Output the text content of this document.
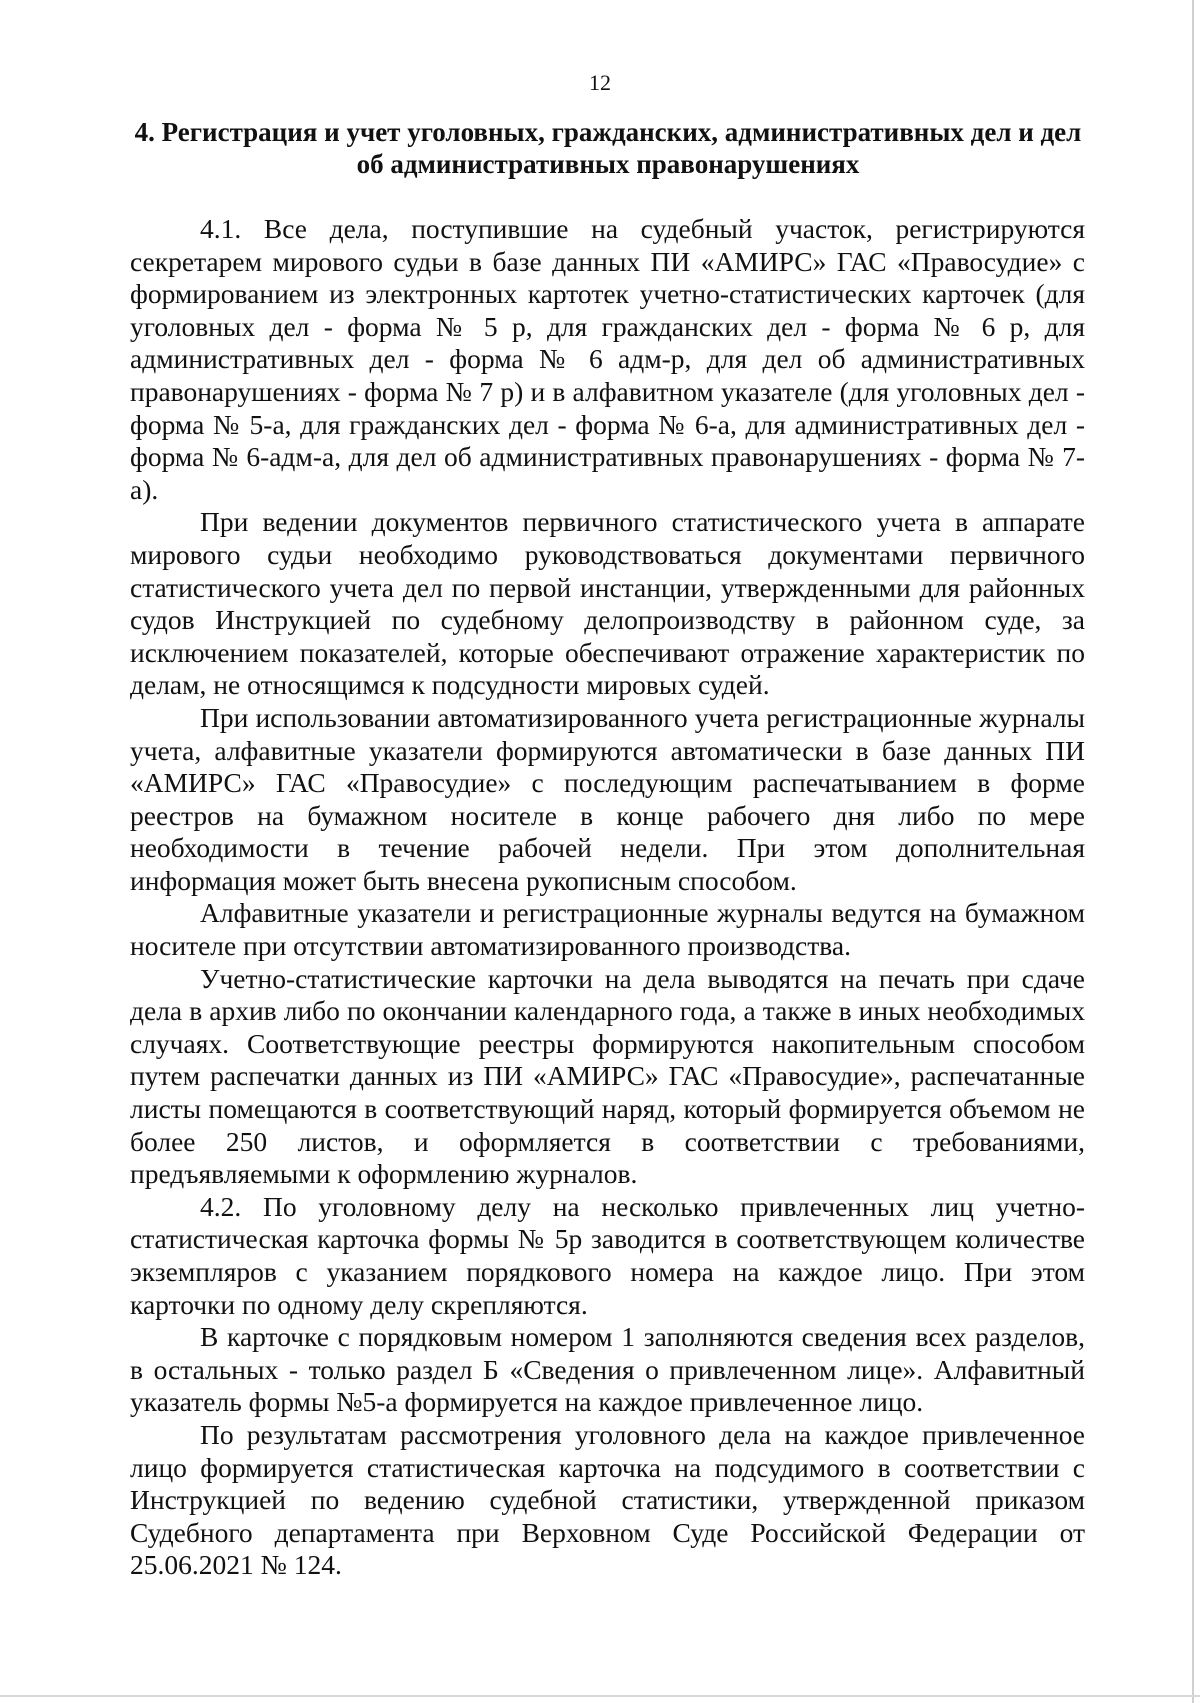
12
4. Регистрация и учет уголовных, гражданских, административных дел и дел об административных правонарушениях

4.1. Все дела, поступившие на судебный участок, регистрируются секретарем мирового судьи в базе данных ПИ «АМИРС» ГАС «Правосудие» с формированием из электронных картотек учетно-статистических карточек (для уголовных дел - форма № 5 р, для гражданских дел - форма № 6 р, для административных дел - форма № 6 адм-р, для дел об административных правонарушениях - форма № 7 р) и в алфавитном указателе (для уголовных дел - форма № 5-а, для гражданских дел - форма № 6-а, для административных дел - форма № 6-адм-а, для дел об административных правонарушениях - форма № 7-а).

При ведении документов первичного статистического учета в аппарате мирового судьи необходимо руководствоваться документами первичного статистического учета дел по первой инстанции, утвержденными для районных судов Инструкцией по судебному делопроизводству в районном суде, за исключением показателей, которые обеспечивают отражение характеристик по делам, не относящимся к подсудности мировых судей.

При использовании автоматизированного учета регистрационные журналы учета, алфавитные указатели формируются автоматически в базе данных ПИ «АМИРС» ГАС «Правосудие» с последующим распечатыванием в форме реестров на бумажном носителе в конце рабочего дня либо по мере необходимости в течение рабочей недели. При этом дополнительная информация может быть внесена рукописным способом.

Алфавитные указатели и регистрационные журналы ведутся на бумажном носителе при отсутствии автоматизированного производства.

Учетно-статистические карточки на дела выводятся на печать при сдаче дела в архив либо по окончании календарного года, а также в иных необходимых случаях. Соответствующие реестры формируются накопительным способом путем распечатки данных из ПИ «АМИРС» ГАС «Правосудие», распечатанные листы помещаются в соответствующий наряд, который формируется объемом не более 250 листов, и оформляется в соответствии с требованиями, предъявляемыми к оформлению журналов.

4.2. По уголовному делу на несколько привлеченных лиц учетно-статистическая карточка формы № 5р заводится в соответствующем количестве экземпляров с указанием порядкового номера на каждое лицо. При этом карточки по одному делу скрепляются.

В карточке с порядковым номером 1 заполняются сведения всех разделов, в остальных - только раздел Б «Сведения о привлеченном лице». Алфавитный указатель формы №5-а формируется на каждое привлеченное лицо.

По результатам рассмотрения уголовного дела на каждое привлеченное лицо формируется статистическая карточка на подсудимого в соответствии с Инструкцией по ведению судебной статистики, утвержденной приказом Судебного департамента при Верховном Суде Российской Федерации от 25.06.2021 № 124.
